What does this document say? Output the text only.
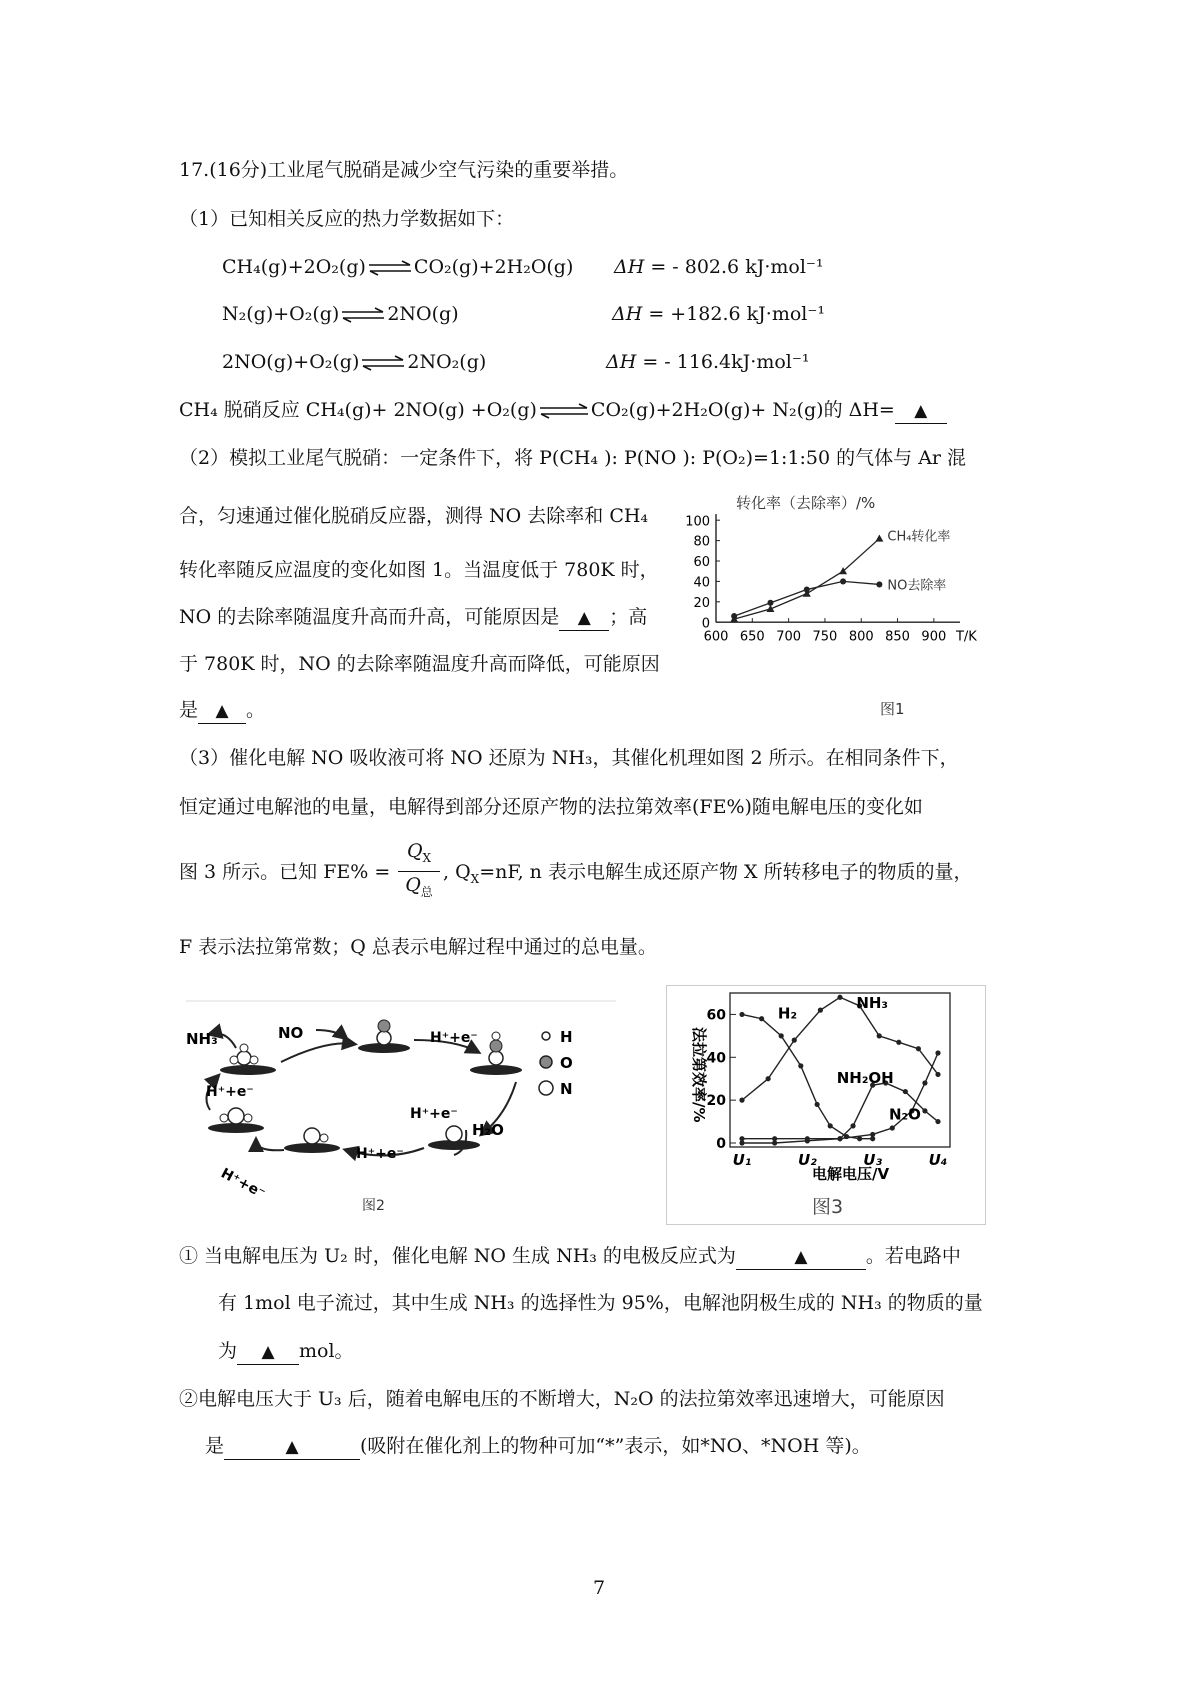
17.(16分)工业尾气脱硝是减少空气污染的重要举措。
（1）已知相关反应的热力学数据如下：
CH₄(g)+2O₂(g) ⇌ CO₂(g)+2H₂O(g) ΔH = - 802.6 kJ·mol⁻¹
N₂(g)+O₂(g) ⇌ 2NO(g)	ΔH = +182.6 kJ·mol⁻¹
2NO(g)+O₂(g) ⇌ 2NO₂(g)	ΔH = - 116.4kJ·mol⁻¹
CH₄ 脱硝反应 CH₄(g)+ 2NO(g) +O₂(g) ⇌ CO₂(g)+2H₂O(g)+ N₂(g)的 ΔH= ▲
（2）模拟工业尾气脱硝：一定条件下，将 P(CH₄ ): P(NO ): P(O₂)=1:1:50 的气体与 Ar 混
合，匀速通过催化脱硝反应器，测得 NO 去除率和 CH₄
转化率随反应温度的变化如图 1。当温度低于 780K 时，
NO 的去除率随温度升高而升高，可能原因是 ▲ ；高
于 780K 时，NO 的去除率随温度升高而降低，可能原因
是 ▲ 。
（3）催化电解 NO 吸收液可将 NO 还原为 NH₃，其催化机理如图 2 所示。在相同条件下，
恒定通过电解池的电量，电解得到部分还原产物的法拉第效率(FE%)随电解电压的变化如
图 3 所示。已知 FE% =
$Q_X$
$Q_总$
, $Q_X=nF$, n 表示电解生成还原产物 X 所转移电子的物质的量，
F 表示法拉第常数；Q 总表示电解过程中通过的总电量。
① 当电解电压为 U₂ 时，催化电解 NO 生成 NH₃ 的电极反应式为	▲	。若电路中
有 1mol 电子流过，其中生成 NH₃ 的选择性为 95%，电解池阴极生成的 NH₃ 的物质的量
为 ▲ mol。
②电解电压大于 U₃ 后，随着电解电压的不断增大，N₂O 的法拉第效率迅速增大，可能原因
是	▲	(吸附在催化剂上的物种可加“*”表示，如*NO、*NOH 等)。
7
转化率（去除率）/%
0
20
40
60
80
100
600 650 700 750 800 850 900 T/K
CH₄转化率
NO去除率
图1
NH₃	NO	H⁺+e⁻
H⁺+e⁻
H⁺+e⁻
H⁺+e⁻
H⁺+e⁻
H₂O
H
O
N
图2
法拉第效率/%
0
20
40
60
U₁	U₂	U₃	U₄
H₂
NH₃
NH₂OH
N₂O
电解电压/V
图3
